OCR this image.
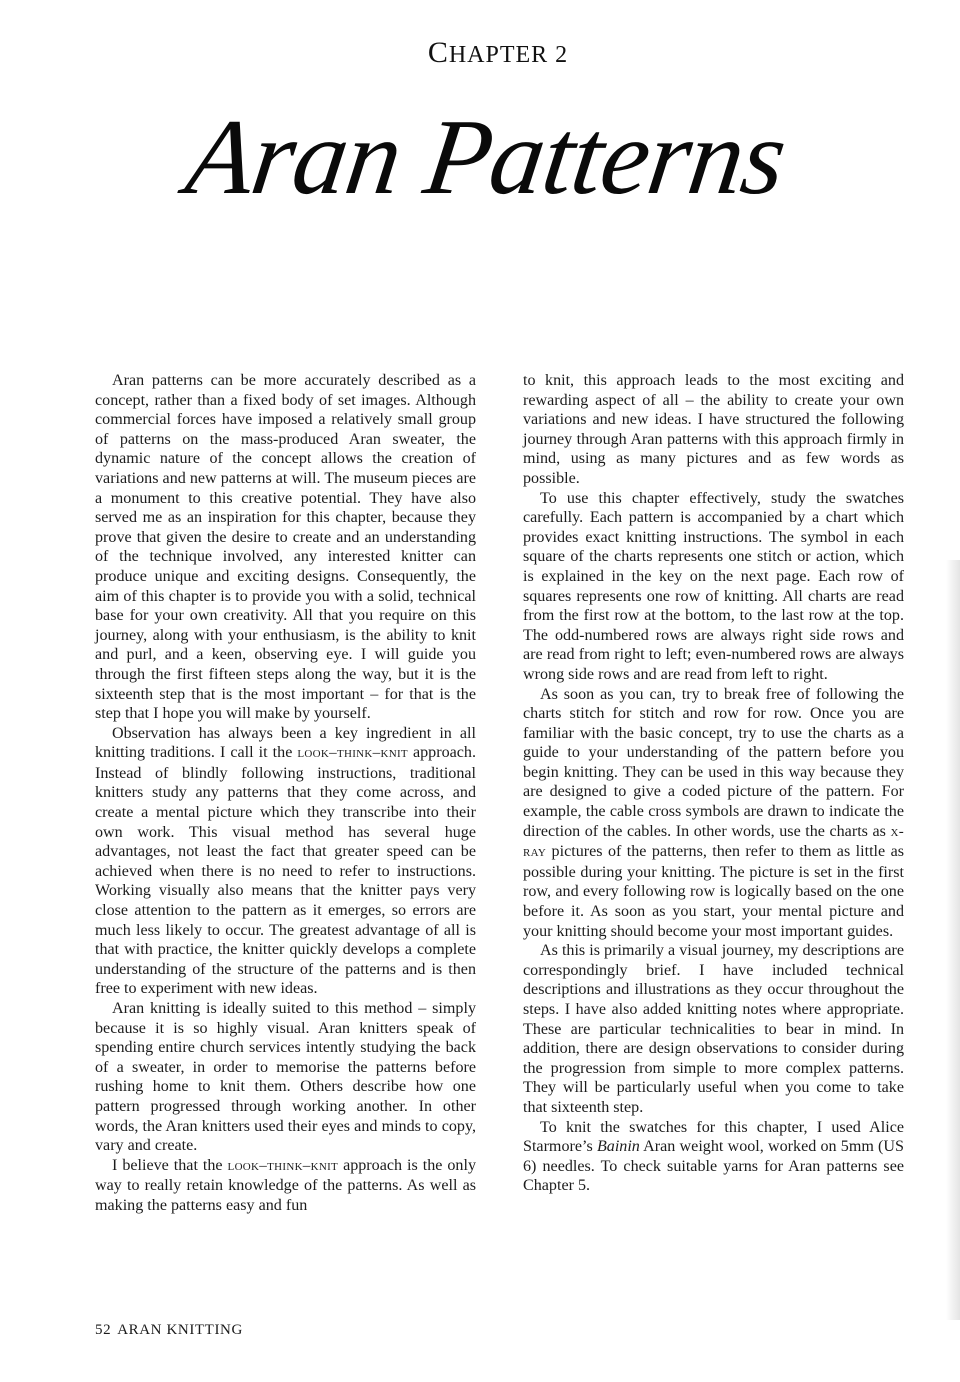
CHAPTER 2
Aran Patterns

Aran patterns can be more accurately described as a concept, rather than a fixed body of set images. Although commercial forces have imposed a relatively small group of patterns on the mass-produced Aran sweater, the dynamic nature of the concept allows the creation of variations and new patterns at will. The museum pieces are a monument to this creative potential. They have also served me as an inspiration for this chapter, because they prove that given the desire to create and an understanding of the technique involved, any interested knitter can produce unique and exciting designs. Consequently, the aim of this chapter is to provide you with a solid, technical base for your own creativity. All that you require on this journey, along with your enthusiasm, is the ability to knit and purl, and a keen, observing eye. I will guide you through the first fifteen steps along the way, but it is the sixteenth step that is the most important – for that is the step that I hope you will make by yourself.

Observation has always been a key ingredient in all knitting traditions. I call it the look–think–knit approach. Instead of blindly following instructions, traditional knitters study any patterns that they come across, and create a mental picture which they transcribe into their own work. This visual method has several huge advantages, not least the fact that greater speed can be achieved when there is no need to refer to instructions. Working visually also means that the knitter pays very close attention to the pattern as it emerges, so errors are much less likely to occur. The greatest advantage of all is that with practice, the knitter quickly develops a complete understanding of the structure of the patterns and is then free to experiment with new ideas.

Aran knitting is ideally suited to this method – simply because it is so highly visual. Aran knitters speak of spending entire church services intently studying the back of a sweater, in order to memorise the patterns before rushing home to knit them. Others describe how one pattern progressed through working another. In other words, the Aran knitters used their eyes and minds to copy, vary and create.

I believe that the look–think–knit approach is the only way to really retain knowledge of the patterns. As well as making the patterns easy and fun

to knit, this approach leads to the most exciting and rewarding aspect of all – the ability to create your own variations and new ideas. I have structured the following journey through Aran patterns with this approach firmly in mind, using as many pictures and as few words as possible.

To use this chapter effectively, study the swatches carefully. Each pattern is accompanied by a chart which provides exact knitting instructions. The symbol in each square of the charts represents one stitch or action, which is explained in the key on the next page. Each row of squares represents one row of knitting. All charts are read from the first row at the bottom, to the last row at the top. The odd-numbered rows are always right side rows and are read from right to left; even-numbered rows are always wrong side rows and are read from left to right.

As soon as you can, try to break free of following the charts stitch for stitch and row for row. Once you are familiar with the basic concept, try to use the charts as a guide to your understanding of the pattern before you begin knitting. They can be used in this way because they are designed to give a coded picture of the pattern. For example, the cable cross symbols are drawn to indicate the direction of the cables. In other words, use the charts as x-ray pictures of the patterns, then refer to them as little as possible during your knitting. The picture is set in the first row, and every following row is logically based on the one before it. As soon as you start, your mental picture and your knitting should become your most important guides.

As this is primarily a visual journey, my descriptions are correspondingly brief. I have included technical descriptions and illustrations as they occur throughout the steps. I have also added knitting notes where appropriate. These are particular technicalities to bear in mind. In addition, there are design observations to consider during the progression from simple to more complex patterns. They will be particularly useful when you come to take that sixteenth step.

To knit the swatches for this chapter, I used Alice Starmore’s Bainin Aran weight wool, worked on 5mm (US 6) needles. To check suitable yarns for Aran patterns see Chapter 5.

52 ARAN KNITTING
